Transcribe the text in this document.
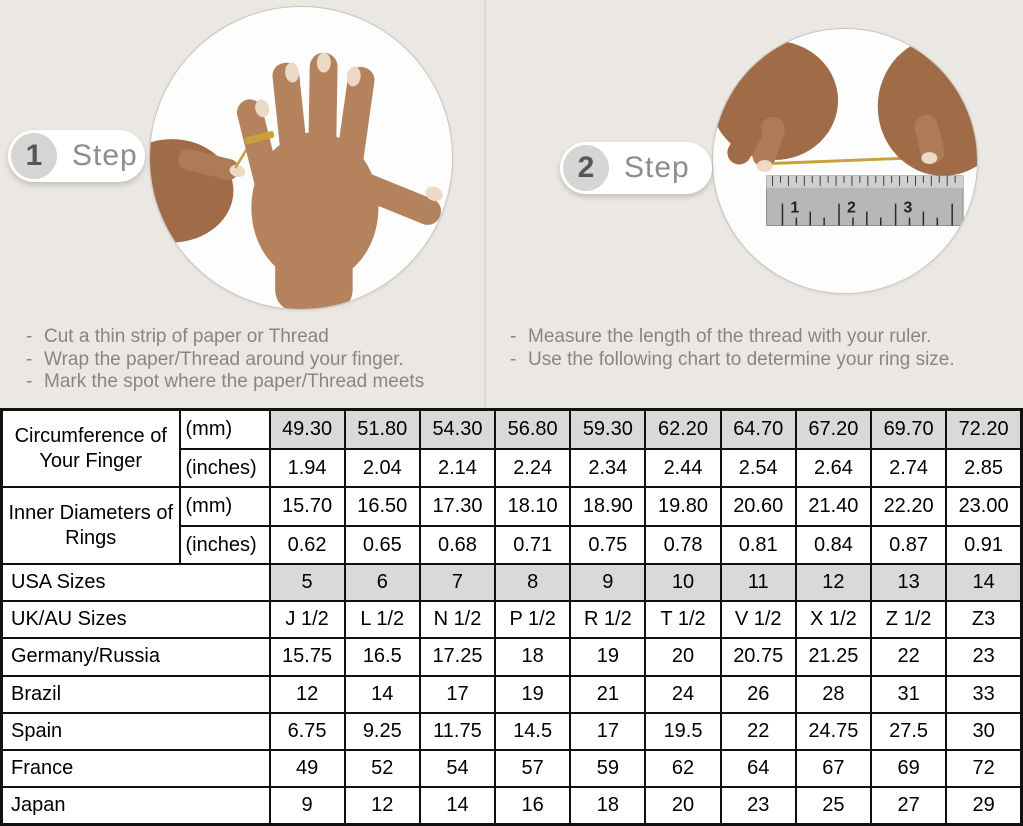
1	2	3
1 Step	2 Step
- Cut a thin strip of paper or Thread
- Wrap the paper/Thread around your finger.
- Mark the spot where the paper/Thread meets
- Measure the length of the thread with your ruler.
- Use the following chart to determine your ring size.
Circumference of Your Finger	(mm)	49.30	51.80	54.30	56.80	59.30	62.20	64.70	67.20	69.70	72.20
	(inches)	1.94	2.04	2.14	2.24	2.34	2.44	2.54	2.64	2.74	2.85
Inner Diameters of Rings	(mm)	15.70	16.50	17.30	18.10	18.90	19.80	20.60	21.40	22.20	23.00
	(inches)	0.62	0.65	0.68	0.71	0.75	0.78	0.81	0.84	0.87	0.91
USA Sizes		5	6	7	8	9	10	11	12	13	14
UK/AU Sizes		J 1/2	L 1/2	N 1/2	P 1/2	R 1/2	T 1/2	V 1/2	X 1/2	Z 1/2	Z3
Germany/Russia		15.75	16.5	17.25	18	19	20	20.75	21.25	22	23
Brazil		12	14	17	19	21	24	26	28	31	33
Spain		6.75	9.25	11.75	14.5	17	19.5	22	24.75	27.5	30
France		49	52	54	57	59	62	64	67	69	72
Japan		9	12	14	16	18	20	23	25	27	29
